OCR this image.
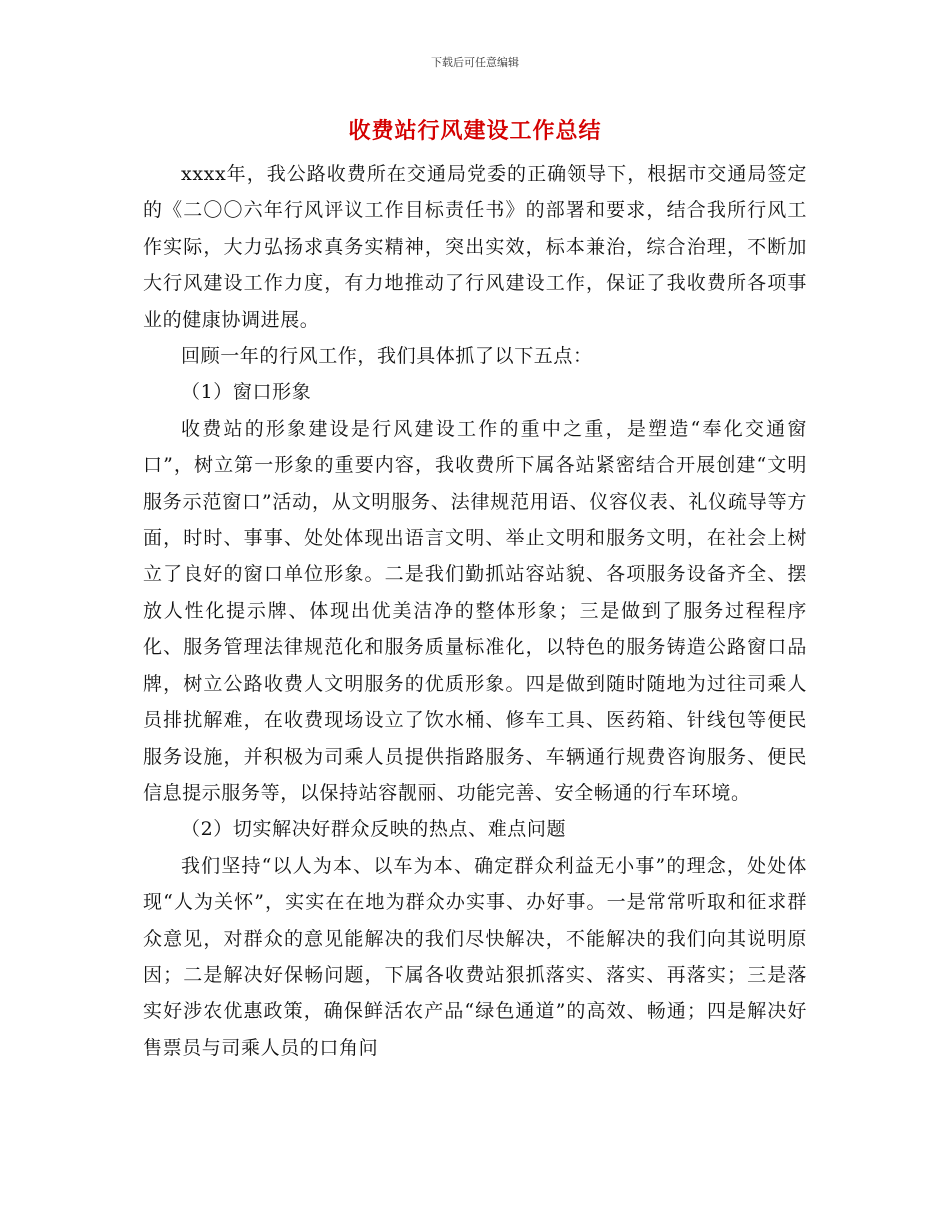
下载后可任意编辑
收费站行风建设工作总结

xxxx年，我公路收费所在交通局党委的正确领导下，根据市交通局签定的《二〇〇六年行风评议工作目标责任书》的部署和要求，结合我所行风工作实际，大力弘扬求真务实精神，突出实效，标本兼治，综合治理，不断加大行风建设工作力度，有力地推动了行风建设工作，保证了我收费所各项事业的健康协调进展。

回顾一年的行风工作，我们具体抓了以下五点：

（1）窗口形象

收费站的形象建设是行风建设工作的重中之重，是塑造“奉化交通窗口”，树立第一形象的重要内容，我收费所下属各站紧密结合开展创建“文明服务示范窗口”活动，从文明服务、法律规范用语、仪容仪表、礼仪疏导等方面，时时、事事、处处体现出语言文明、举止文明和服务文明，在社会上树立了良好的窗口单位形象。二是我们勤抓站容站貌、各项服务设备齐全、摆放人性化提示牌、体现出优美洁净的整体形象；三是做到了服务过程程序化、服务管理法律规范化和服务质量标准化，以特色的服务铸造公路窗口品牌，树立公路收费人文明服务的优质形象。四是做到随时随地为过往司乘人员排扰解难，在收费现场设立了饮水桶、修车工具、医药箱、针线包等便民服务设施，并积极为司乘人员提供指路服务、车辆通行规费咨询服务、便民信息提示服务等，以保持站容靓丽、功能完善、安全畅通的行车环境。

（2）切实解决好群众反映的热点、难点问题

我们坚持“以人为本、以车为本、确定群众利益无小事”的理念，处处体现“人为关怀”，实实在在地为群众办实事、办好事。一是常常听取和征求群众意见，对群众的意见能解决的我们尽快解决，不能解决的我们向其说明原因；二是解决好保畅问题，下属各收费站狠抓落实、落实、再落实；三是落实好涉农优惠政策，确保鲜活农产品“绿色通道”的高效、畅通；四是解决好售票员与司乘人员的口角问
